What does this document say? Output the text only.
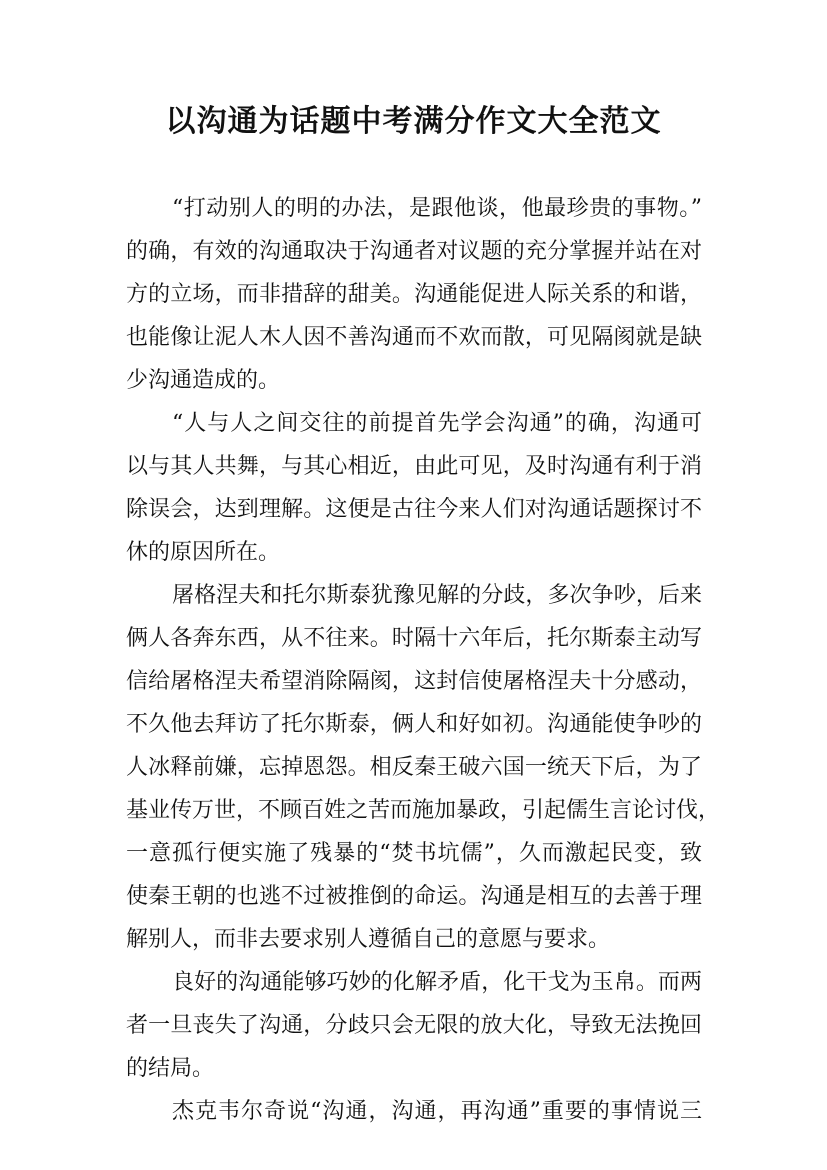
以沟通为话题中考满分作文大全范文
“打动别人的明的办法，是跟他谈，他最珍贵的事物。”
的确，有效的沟通取决于沟通者对议题的充分掌握并站在对
方的立场，而非措辞的甜美。沟通能促进人际关系的和谐，
也能像让泥人木人因不善沟通而不欢而散，可见隔阂就是缺
少沟通造成的。
“人与人之间交往的前提首先学会沟通”的确，沟通可
以与其人共舞，与其心相近，由此可见，及时沟通有利于消
除误会，达到理解。这便是古往今来人们对沟通话题探讨不
休的原因所在。
屠格涅夫和托尔斯泰犹豫见解的分歧，多次争吵，后来
俩人各奔东西，从不往来。时隔十六年后，托尔斯泰主动写
信给屠格涅夫希望消除隔阂，这封信使屠格涅夫十分感动，
不久他去拜访了托尔斯泰，俩人和好如初。沟通能使争吵的
人冰释前嫌，忘掉恩怨。相反秦王破六国一统天下后，为了
基业传万世，不顾百姓之苦而施加暴政，引起儒生言论讨伐，
一意孤行便实施了残暴的“焚书坑儒”，久而激起民变，致
使秦王朝的也逃不过被推倒的命运。沟通是相互的去善于理
解别人，而非去要求别人遵循自己的意愿与要求。
良好的沟通能够巧妙的化解矛盾，化干戈为玉帛。而两
者一旦丧失了沟通，分歧只会无限的放大化，导致无法挽回
的结局。
杰克韦尔奇说“沟通，沟通，再沟通”重要的事情说三
